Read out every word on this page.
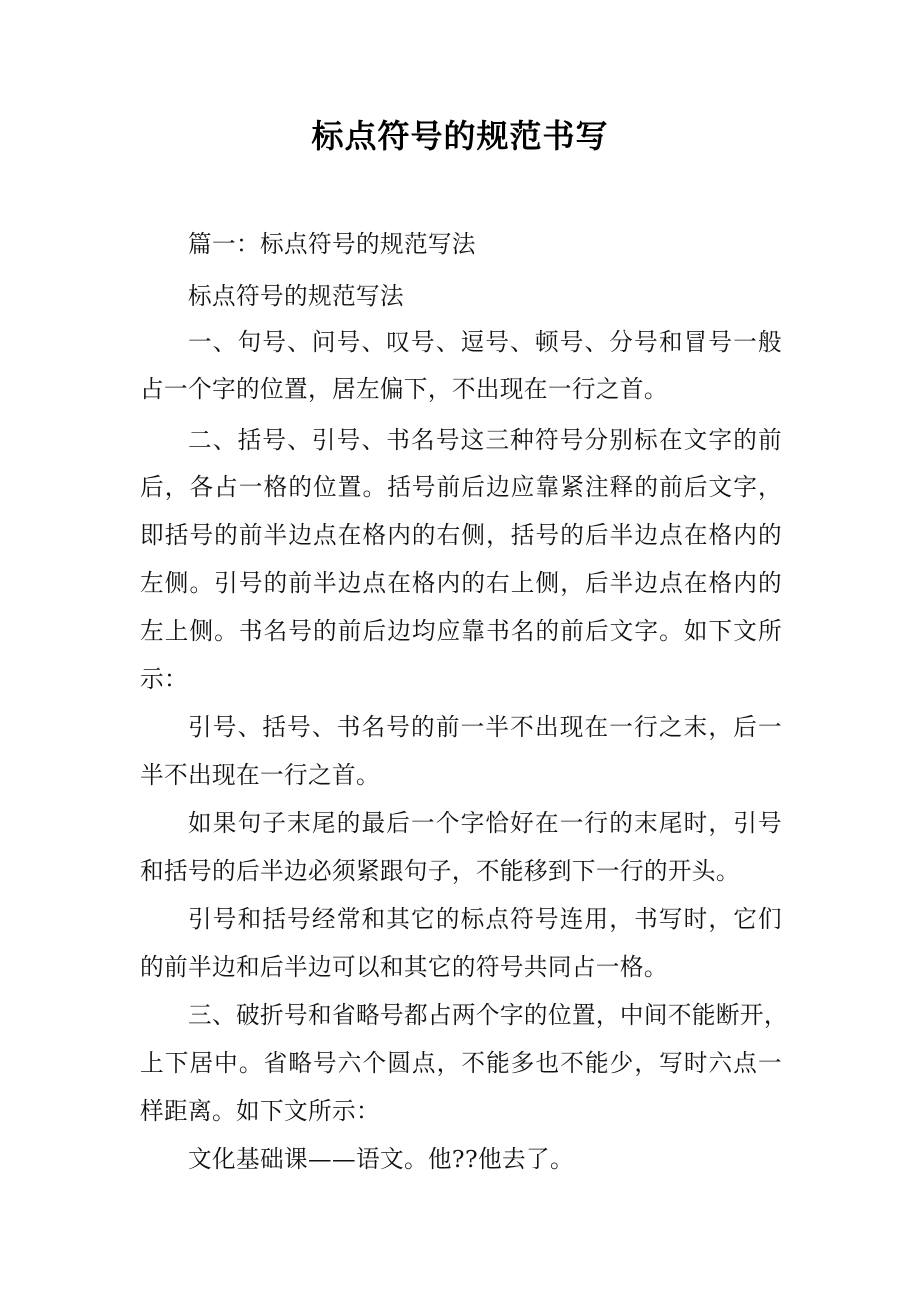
标点符号的规范书写
篇一：标点符号的规范写法
标点符号的规范写法
一、句号、问号、叹号、逗号、顿号、分号和冒号一般
占一个字的位置，居左偏下，不出现在一行之首。
二、括号、引号、书名号这三种符号分别标在文字的前
后，各占一格的位置。括号前后边应靠紧注释的前后文字，
即括号的前半边点在格内的右侧，括号的后半边点在格内的
左侧。引号的前半边点在格内的右上侧，后半边点在格内的
左上侧。书名号的前后边均应靠书名的前后文字。如下文所
示：
引号、括号、书名号的前一半不出现在一行之末，后一
半不出现在一行之首。
如果句子末尾的最后一个字恰好在一行的末尾时，引号
和括号的后半边必须紧跟句子，不能移到下一行的开头。
引号和括号经常和其它的标点符号连用，书写时，它们
的前半边和后半边可以和其它的符号共同占一格。
三、破折号和省略号都占两个字的位置，中间不能断开，
上下居中。省略号六个圆点，不能多也不能少，写时六点一
样距离。如下文所示：
文化基础课——语文。他??他去了。
